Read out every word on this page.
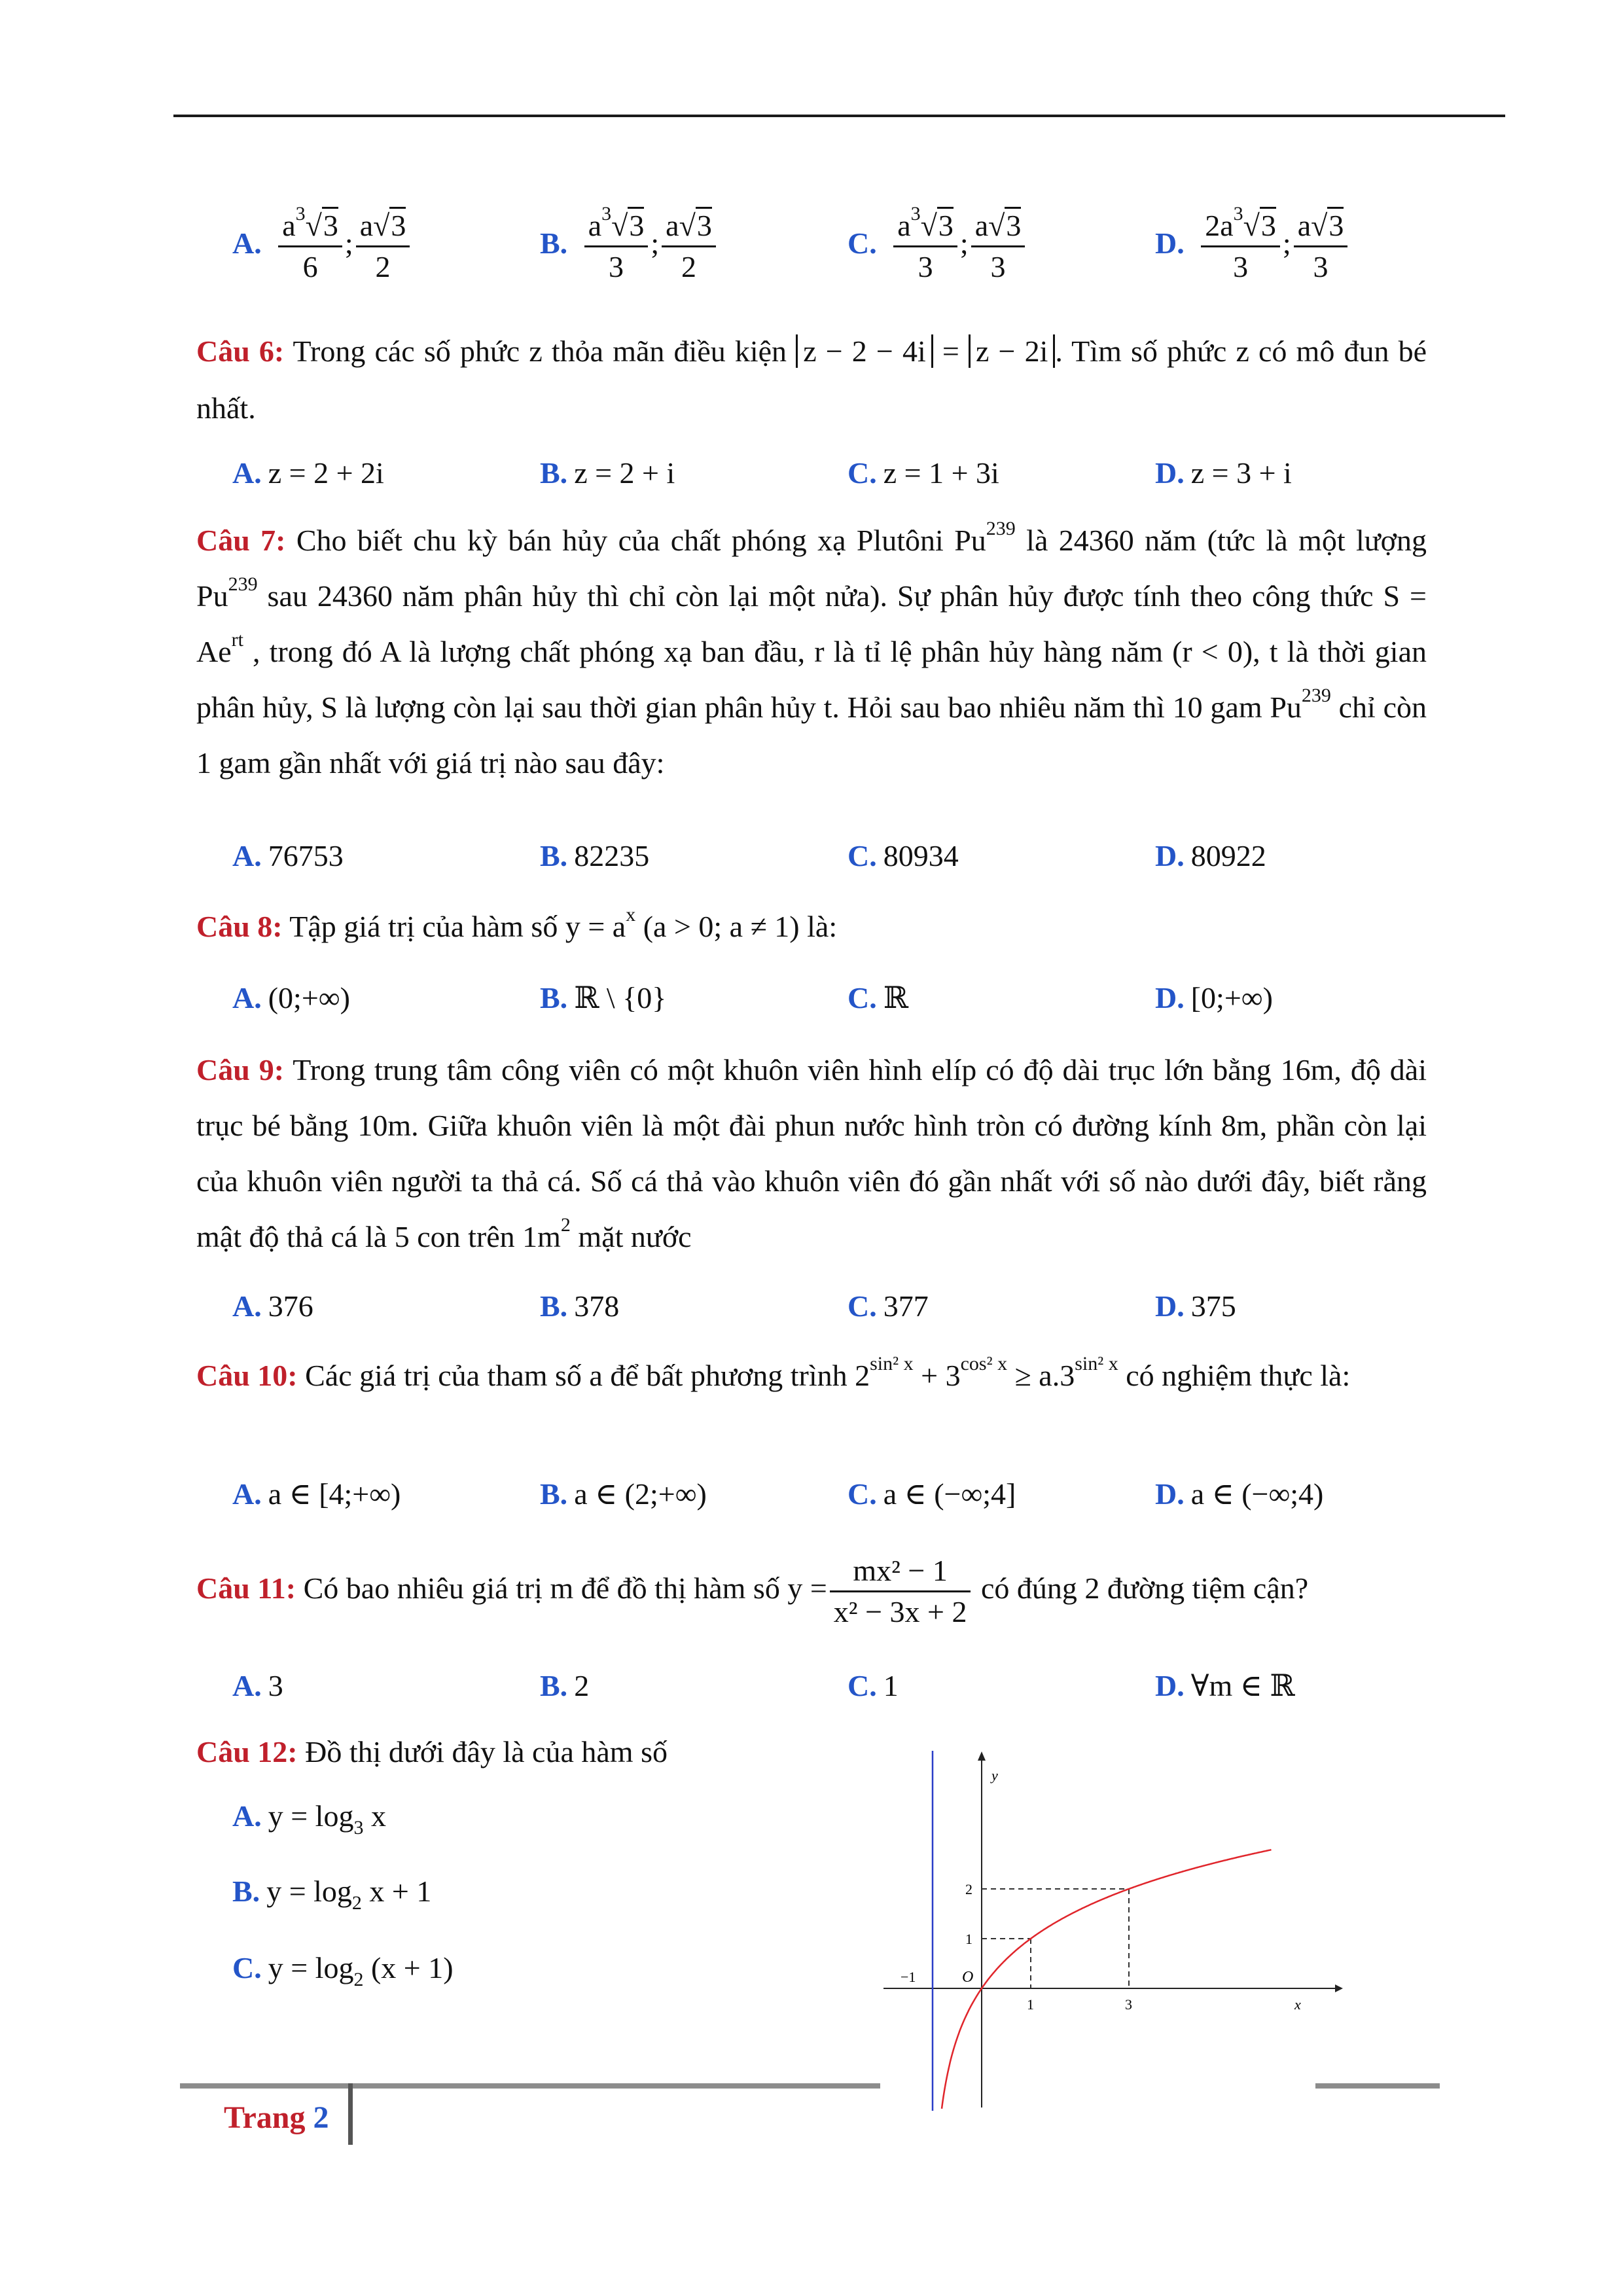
A. $\frac{a^3√3}{6}$ ; $\frac{a√3}{2}$	B. $\frac{a^3√3}{3}$ ; $\frac{a√3}{2}$	C. $\frac{a^3√3}{3}$ ; $\frac{a√3}{3}$	D. $\frac{2a^3√3}{3}$ ; $\frac{a√3}{3}$
Câu 6: Trong các số phức z thỏa mãn điều kiện z − 2 − 4i = z − 2i . Tìm số phức z có mô đun bé nhất.
A. z = 2 + 2i	B. z = 2 + i	C. z = 1 + 3i	D. z = 3 + i
Câu 7: Cho biết chu kỳ bán hủy của chất phóng xạ Plutôni Pu$^{239}$ là 24360 năm (tức là một lượng Pu$^{239}$ sau 24360 năm phân hủy thì chỉ còn lại một nửa). Sự phân hủy được tính theo công thức $S = Ae^{rt}$ , trong đó A là lượng chất phóng xạ ban đầu, r là tỉ lệ phân hủy hàng năm (r < 0), t là thời gian phân hủy, S là lượng còn lại sau thời gian phân hủy t. Hỏi sau bao nhiêu năm thì 10 gam Pu$^{239}$ chỉ còn 1 gam gần nhất với giá trị nào sau đây:
A. 76753	B. 82235	C. 80934	D. 80922
Câu 8: Tập giá trị của hàm số $y = a^x$ (a > 0; a ≠ 1) là:
A. (0;+∞)	B. ℝ \ {0}	C. ℝ	D. [0;+∞)
Câu 9: Trong trung tâm công viên có một khuôn viên hình elíp có độ dài trục lớn bằng 16m, độ dài trục bé bằng 10m. Giữa khuôn viên là một đài phun nước hình tròn có đường kính 8m, phần còn lại của khuôn viên người ta thả cá. Số cá thả vào khuôn viên đó gần nhất với số nào dưới đây, biết rằng mật độ thả cá là 5 con trên $1m^2$ mặt nước
A. 376	B. 378	C. 377	D. 375
Câu 10: Các giá trị của tham số a để bất phương trình $2^{sin^2 x} + 3^{cos^2 x} \ge a.3^{sin^2 x}$ có nghiệm thực là:
A. a ∈ [4;+∞)	B. a ∈ (2;+∞)	C. a ∈ (−∞;4]	D. a ∈ (−∞;4)
Câu 11: Có bao nhiêu giá trị m để đồ thị hàm số $y = \frac{\text{mx² − 1}}{\text{x² − 3x + 2}}$ có đúng 2 đường tiệm cận?
A. 3	B. 2	C. 1	D. ∀m ∈ ℝ
Câu 12: Đồ thị dưới đây là của hàm số
A. $y = \log_3 x$
B. $y = \log_2 x + 1$
C. $y = \log_2 (x + 1)$
Trang 2
y
x
O
−1
1	3
1
2
